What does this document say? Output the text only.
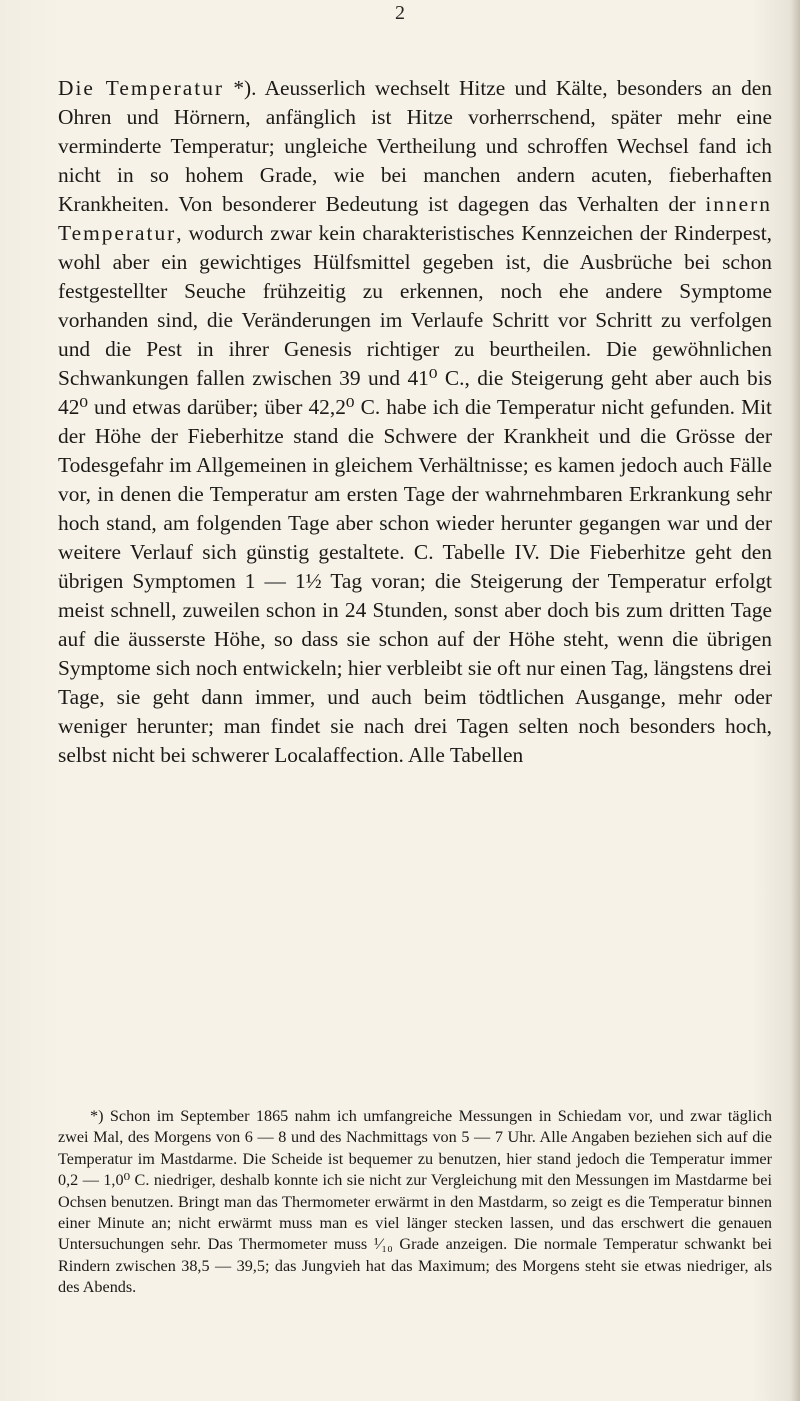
2

Die Temperatur *). Aeusserlich wechselt Hitze und Kälte, besonders an den Ohren und Hörnern, anfänglich ist Hitze vorherrschend, später mehr eine verminderte Temperatur; ungleiche Vertheilung und schroffen Wechsel fand ich nicht in so hohem Grade, wie bei manchen andern acuten, fieberhaften Krankheiten. Von besonderer Bedeutung ist dagegen das Verhalten der innern Temperatur, wodurch zwar kein charakteristisches Kennzeichen der Rinderpest, wohl aber ein gewichtiges Hülfsmittel gegeben ist, die Ausbrüche bei schon festgestellter Seuche frühzeitig zu erkennen, noch ehe andere Symptome vorhanden sind, die Veränderungen im Verlaufe Schritt vor Schritt zu verfolgen und die Pest in ihrer Genesis richtiger zu beurtheilen. Die gewöhnlichen Schwankungen fallen zwischen 39 und 41⁰ C., die Steigerung geht aber auch bis 42⁰ und etwas darüber; über 42,2⁰ C. habe ich die Temperatur nicht gefunden. Mit der Höhe der Fieberhitze stand die Schwere der Krankheit und die Grösse der Todesgefahr im Allgemeinen in gleichem Verhältnisse; es kamen jedoch auch Fälle vor, in denen die Temperatur am ersten Tage der wahrnehmbaren Erkrankung sehr hoch stand, am folgenden Tage aber schon wieder herunter gegangen war und der weitere Verlauf sich günstig gestaltete. C. Tabelle IV. Die Fieberhitze geht den übrigen Symptomen 1 — 1½ Tag voran; die Steigerung der Temperatur erfolgt meist schnell, zuweilen schon in 24 Stunden, sonst aber doch bis zum dritten Tage auf die äusserste Höhe, so dass sie schon auf der Höhe steht, wenn die übrigen Symptome sich noch entwickeln; hier verbleibt sie oft nur einen Tag, längstens drei Tage, sie geht dann immer, und auch beim tödtlichen Ausgange, mehr oder weniger herunter; man findet sie nach drei Tagen selten noch besonders hoch, selbst nicht bei schwerer Localaffection. Alle Tabellen

*) Schon im September 1865 nahm ich umfangreiche Messungen in Schiedam vor, und zwar täglich zwei Mal, des Morgens von 6 — 8 und des Nachmittags von 5 — 7 Uhr. Alle Angaben beziehen sich auf die Temperatur im Mastdarme. Die Scheide ist bequemer zu benutzen, hier stand jedoch die Temperatur immer 0,2 — 1,0⁰ C. niedriger, deshalb konnte ich sie nicht zur Vergleichung mit den Messungen im Mastdarme bei Ochsen benutzen. Bringt man das Thermometer erwärmt in den Mastdarm, so zeigt es die Temperatur binnen einer Minute an; nicht erwärmt muss man es viel länger stecken lassen, und das erschwert die genauen Untersuchungen sehr. Das Thermometer muss ¹⁄₁₀ Grade anzeigen. Die normale Temperatur schwankt bei Rindern zwischen 38,5 — 39,5; das Jungvieh hat das Maximum; des Morgens steht sie etwas niedriger, als des Abends.
